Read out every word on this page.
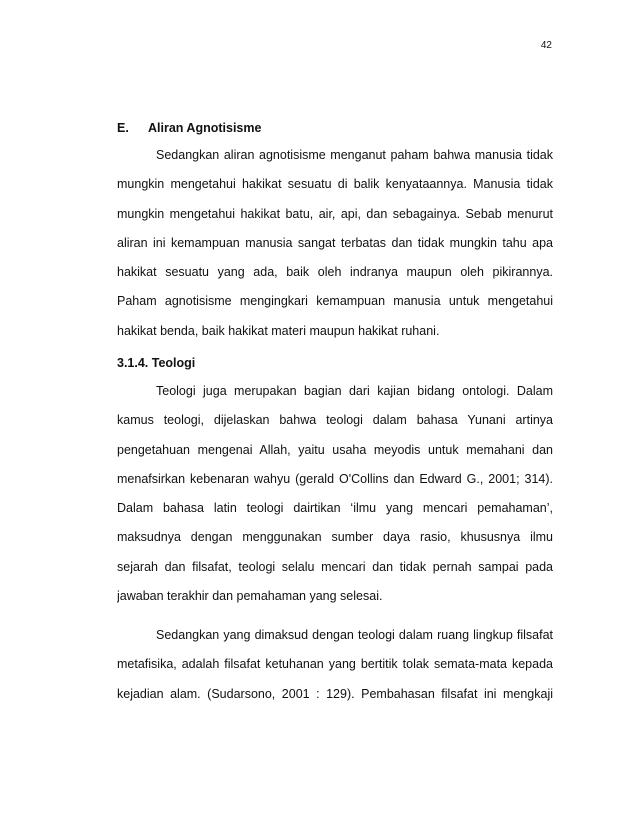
42
E. Aliran Agnotisisme
Sedangkan aliran agnotisisme menganut paham bahwa manusia tidak
mungkin mengetahui hakikat sesuatu di balik kenyataannya. Manusia tidak
mungkin mengetahui hakikat batu, air, api, dan sebagainya. Sebab menurut
aliran ini kemampuan manusia sangat terbatas dan tidak mungkin tahu apa
hakikat sesuatu yang ada, baik oleh indranya maupun oleh pikirannya.
Paham agnotisisme mengingkari kemampuan manusia untuk mengetahui
hakikat benda, baik hakikat materi maupun hakikat ruhani.
3.1.4. Teologi
Teologi juga merupakan bagian dari kajian bidang ontologi. Dalam
kamus teologi, dijelaskan bahwa teologi dalam bahasa Yunani artinya
pengetahuan mengenai Allah, yaitu usaha meyodis untuk memahani dan
menafsirkan kebenaran wahyu (gerald O'Collins dan Edward G., 2001; 314).
Dalam bahasa latin teologi dairtikan ‘ilmu yang mencari pemahaman’,
maksudnya dengan menggunakan sumber daya rasio, khususnya ilmu
sejarah dan filsafat, teologi selalu mencari dan tidak pernah sampai pada
jawaban terakhir dan pemahaman yang selesai.
Sedangkan yang dimaksud dengan teologi dalam ruang lingkup filsafat
metafisika, adalah filsafat ketuhanan yang bertitik tolak semata-mata kepada
kejadian alam. (Sudarsono, 2001 : 129). Pembahasan filsafat ini mengkaji
